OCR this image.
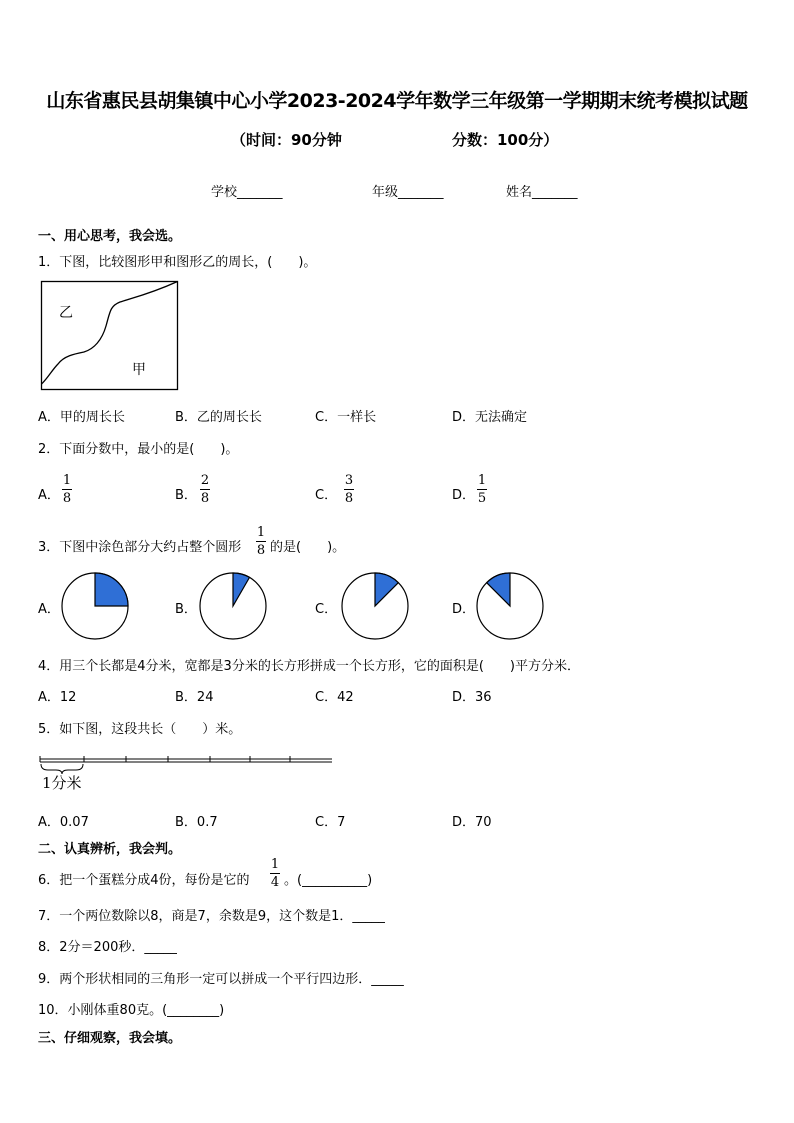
山东省惠民县胡集镇中心小学2023-2024学年数学三年级第一学期期末统考模拟试题
（时间：90分钟	分数：100分）
学校_______	年级_______	姓名_______
一、用心思考，我会选。
1．下图，比较图形甲和图形乙的周长，(　　)。
乙
甲
A．甲的周长长	B．乙的周长长	C．一样长	D．无法确定
2．下面分数中，最小的是(　　)。
A．
1
8	B．
2
8	C．
3
8	D．
1
5
3．下图中涂色部分大约占整个圆形
1
8 的是(　　)。
A．	B．	C．	D．
4．用三个长都是4分米，宽都是3分米的长方形拼成一个长方形，它的面积是(　　)平方分米．
A．12	B．24	C．42	D．36
5．如下图，这段共长（　　）米。
1分米
A．0.07	B．0.7	C．7	D．70
二、认真辨析，我会判。
6．把一个蛋糕分成4份，每份是它的
1
4 。(__________)
7．一个两位数除以8，商是7，余数是9，这个数是1．_____
8．2分＝200秒．_____
9．两个形状相同的三角形一定可以拼成一个平行四边形．_____
10．小刚体重80克。(________)
三、仔细观察，我会填。
